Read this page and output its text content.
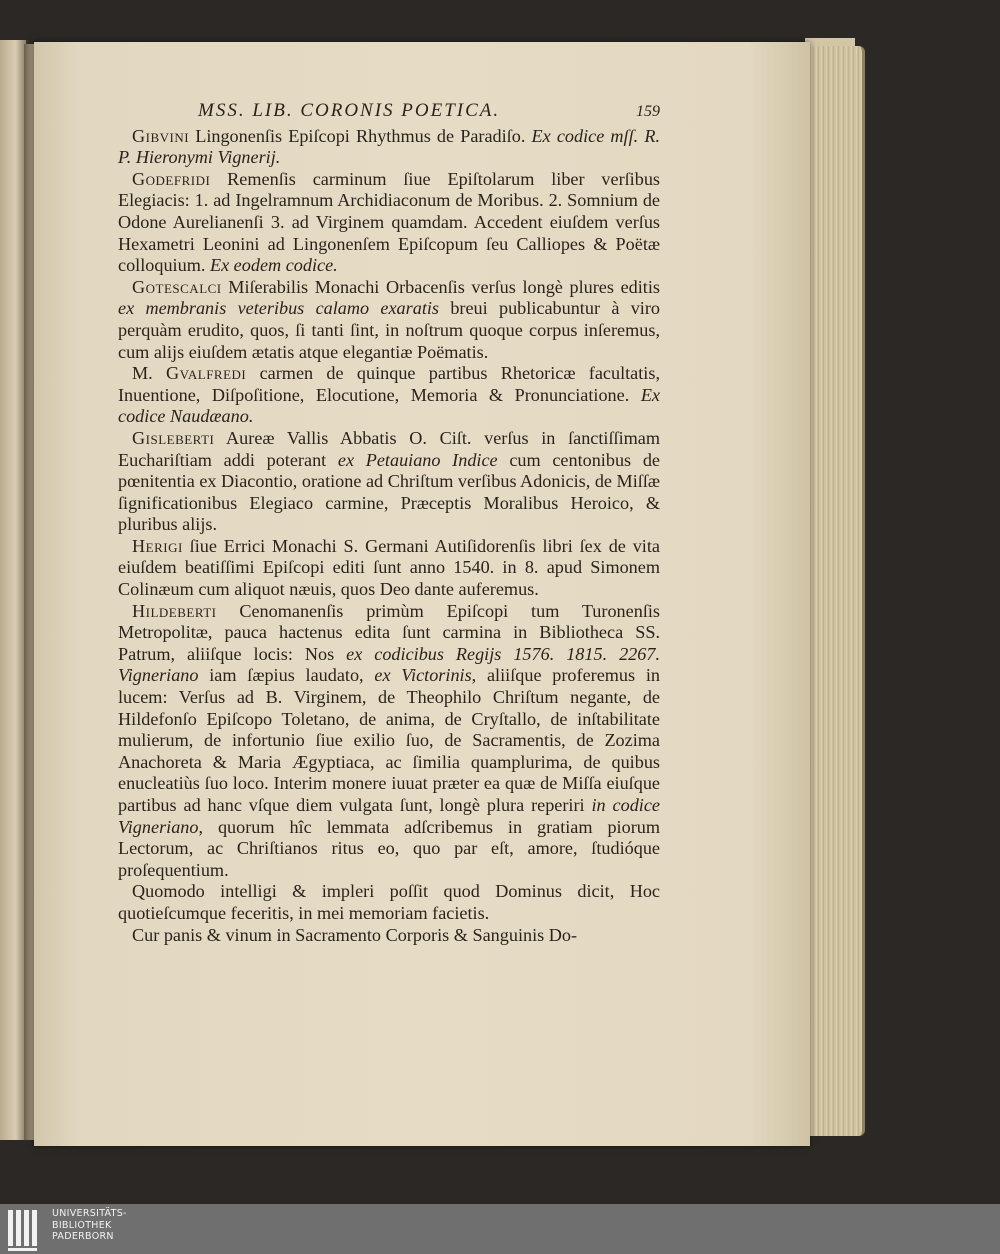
MSS. LIB. CORONIS POETICA.	159

Gibvini Lingonenſis Epiſcopi Rhythmus de Paradiſo. Ex codice mſſ. R. P. Hieronymi Vignerij.

Godefridi Remenſis carminum ſiue Epiſtolarum liber verſibus Elegiacis: 1. ad Ingelramnum Archidiaconum de Moribus. 2. Somnium de Odone Aurelianenſi 3. ad Virginem quamdam. Accedent eiuſdem verſus Hexametri Leonini ad Lingonenſem Epiſcopum ſeu Calliopes & Poëtæ colloquium. Ex eodem codice.

Gotescalci Miſerabilis Monachi Orbacenſis verſus longè plures editis ex membranis veteribus calamo exaratis breui publicabuntur à viro perquàm erudito, quos, ſi tanti ſint, in noſtrum quoque corpus inſeremus, cum alijs eiuſdem ætatis atque elegantiæ Poëmatis.

M. Gvalfredi carmen de quinque partibus Rhetoricæ facultatis, Inuentione, Diſpoſitione, Elocutione, Memoria & Pronunciatione. Ex codice Naudæano.

Gisleberti Aureæ Vallis Abbatis O. Ciſt. verſus in ſanctiſſimam Euchariſtiam addi poterant ex Petauiano Indice cum centonibus de pœnitentia ex Diacontio, oratione ad Chriſtum verſibus Adonicis, de Miſſæ ſignificationibus Elegiaco carmine, Præceptis Moralibus Heroico, & pluribus alijs.

Herigi ſiue Errici Monachi S. Germani Autiſidorenſis libri ſex de vita eiuſdem beatiſſimi Epiſcopi editi ſunt anno 1540. in 8. apud Simonem Colinæum cum aliquot næuis, quos Deo dante auferemus.

Hildeberti Cenomanenſis primùm Epiſcopi tum Turonenſis Metropolitæ, pauca hactenus edita ſunt carmina in Bibliotheca SS. Patrum, aliiſque locis: Nos ex codicibus Regijs 1576. 1815. 2267. Vigneriano iam ſæpius laudato, ex Victorinis, aliiſque proferemus in lucem: Verſus ad B. Virginem, de Theophilo Chriſtum negante, de Hildefonſo Epiſcopo Toletano, de anima, de Cryſtallo, de inſtabilitate mulierum, de infortunio ſiue exilio ſuo, de Sacramentis, de Zozima Anachoreta & Maria Ægyptiaca, ac ſimilia quamplurima, de quibus enucleatiùs ſuo loco. Interim monere iuuat præter ea quæ de Miſſa eiuſque partibus ad hanc vſque diem vulgata ſunt, longè plura reperiri in codice Vigneriano, quorum hîc lemmata adſcribemus in gratiam piorum Lectorum, ac Chriſtianos ritus eo, quo par eſt, amore, ſtudióque proſequentium.

Quomodo intelligi & impleri poſſit quod Dominus dicit, Hoc quotieſcumque feceritis, in mei memoriam facietis.

Cur panis & vinum in Sacramento Corporis & Sanguinis Do-

UNIVERSITÄTS-
BIBLIOTHEK
PADERBORN
